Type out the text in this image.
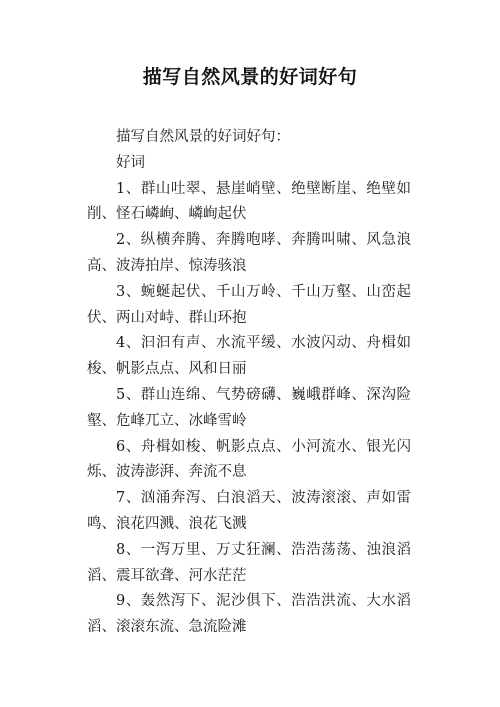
描写自然风景的好词好句

描写自然风景的好词好句：

好词

1、群山吐翠、悬崖峭壁、绝壁断崖、绝壁如削、怪石嶙峋、嶙峋起伏

2、纵横奔腾、奔腾咆哮、奔腾叫啸、风急浪高、波涛拍岸、惊涛骇浪

3、蜿蜒起伏、千山万岭、千山万壑、山峦起伏、两山对峙、群山环抱

4、汩汩有声、水流平缓、水波闪动、舟楫如梭、帆影点点、风和日丽

5、群山连绵、气势磅礴、巍峨群峰、深沟险壑、危峰兀立、冰峰雪岭

6、舟楫如梭、帆影点点、小河流水、银光闪烁、波涛澎湃、奔流不息

7、汹涌奔泻、白浪滔天、波涛滚滚、声如雷鸣、浪花四溅、浪花飞溅

8、一泻万里、万丈狂澜、浩浩荡荡、浊浪滔滔、震耳欲聋、河水茫茫

9、轰然泻下、泥沙俱下、浩浩洪流、大水滔滔、滚滚东流、急流险滩
